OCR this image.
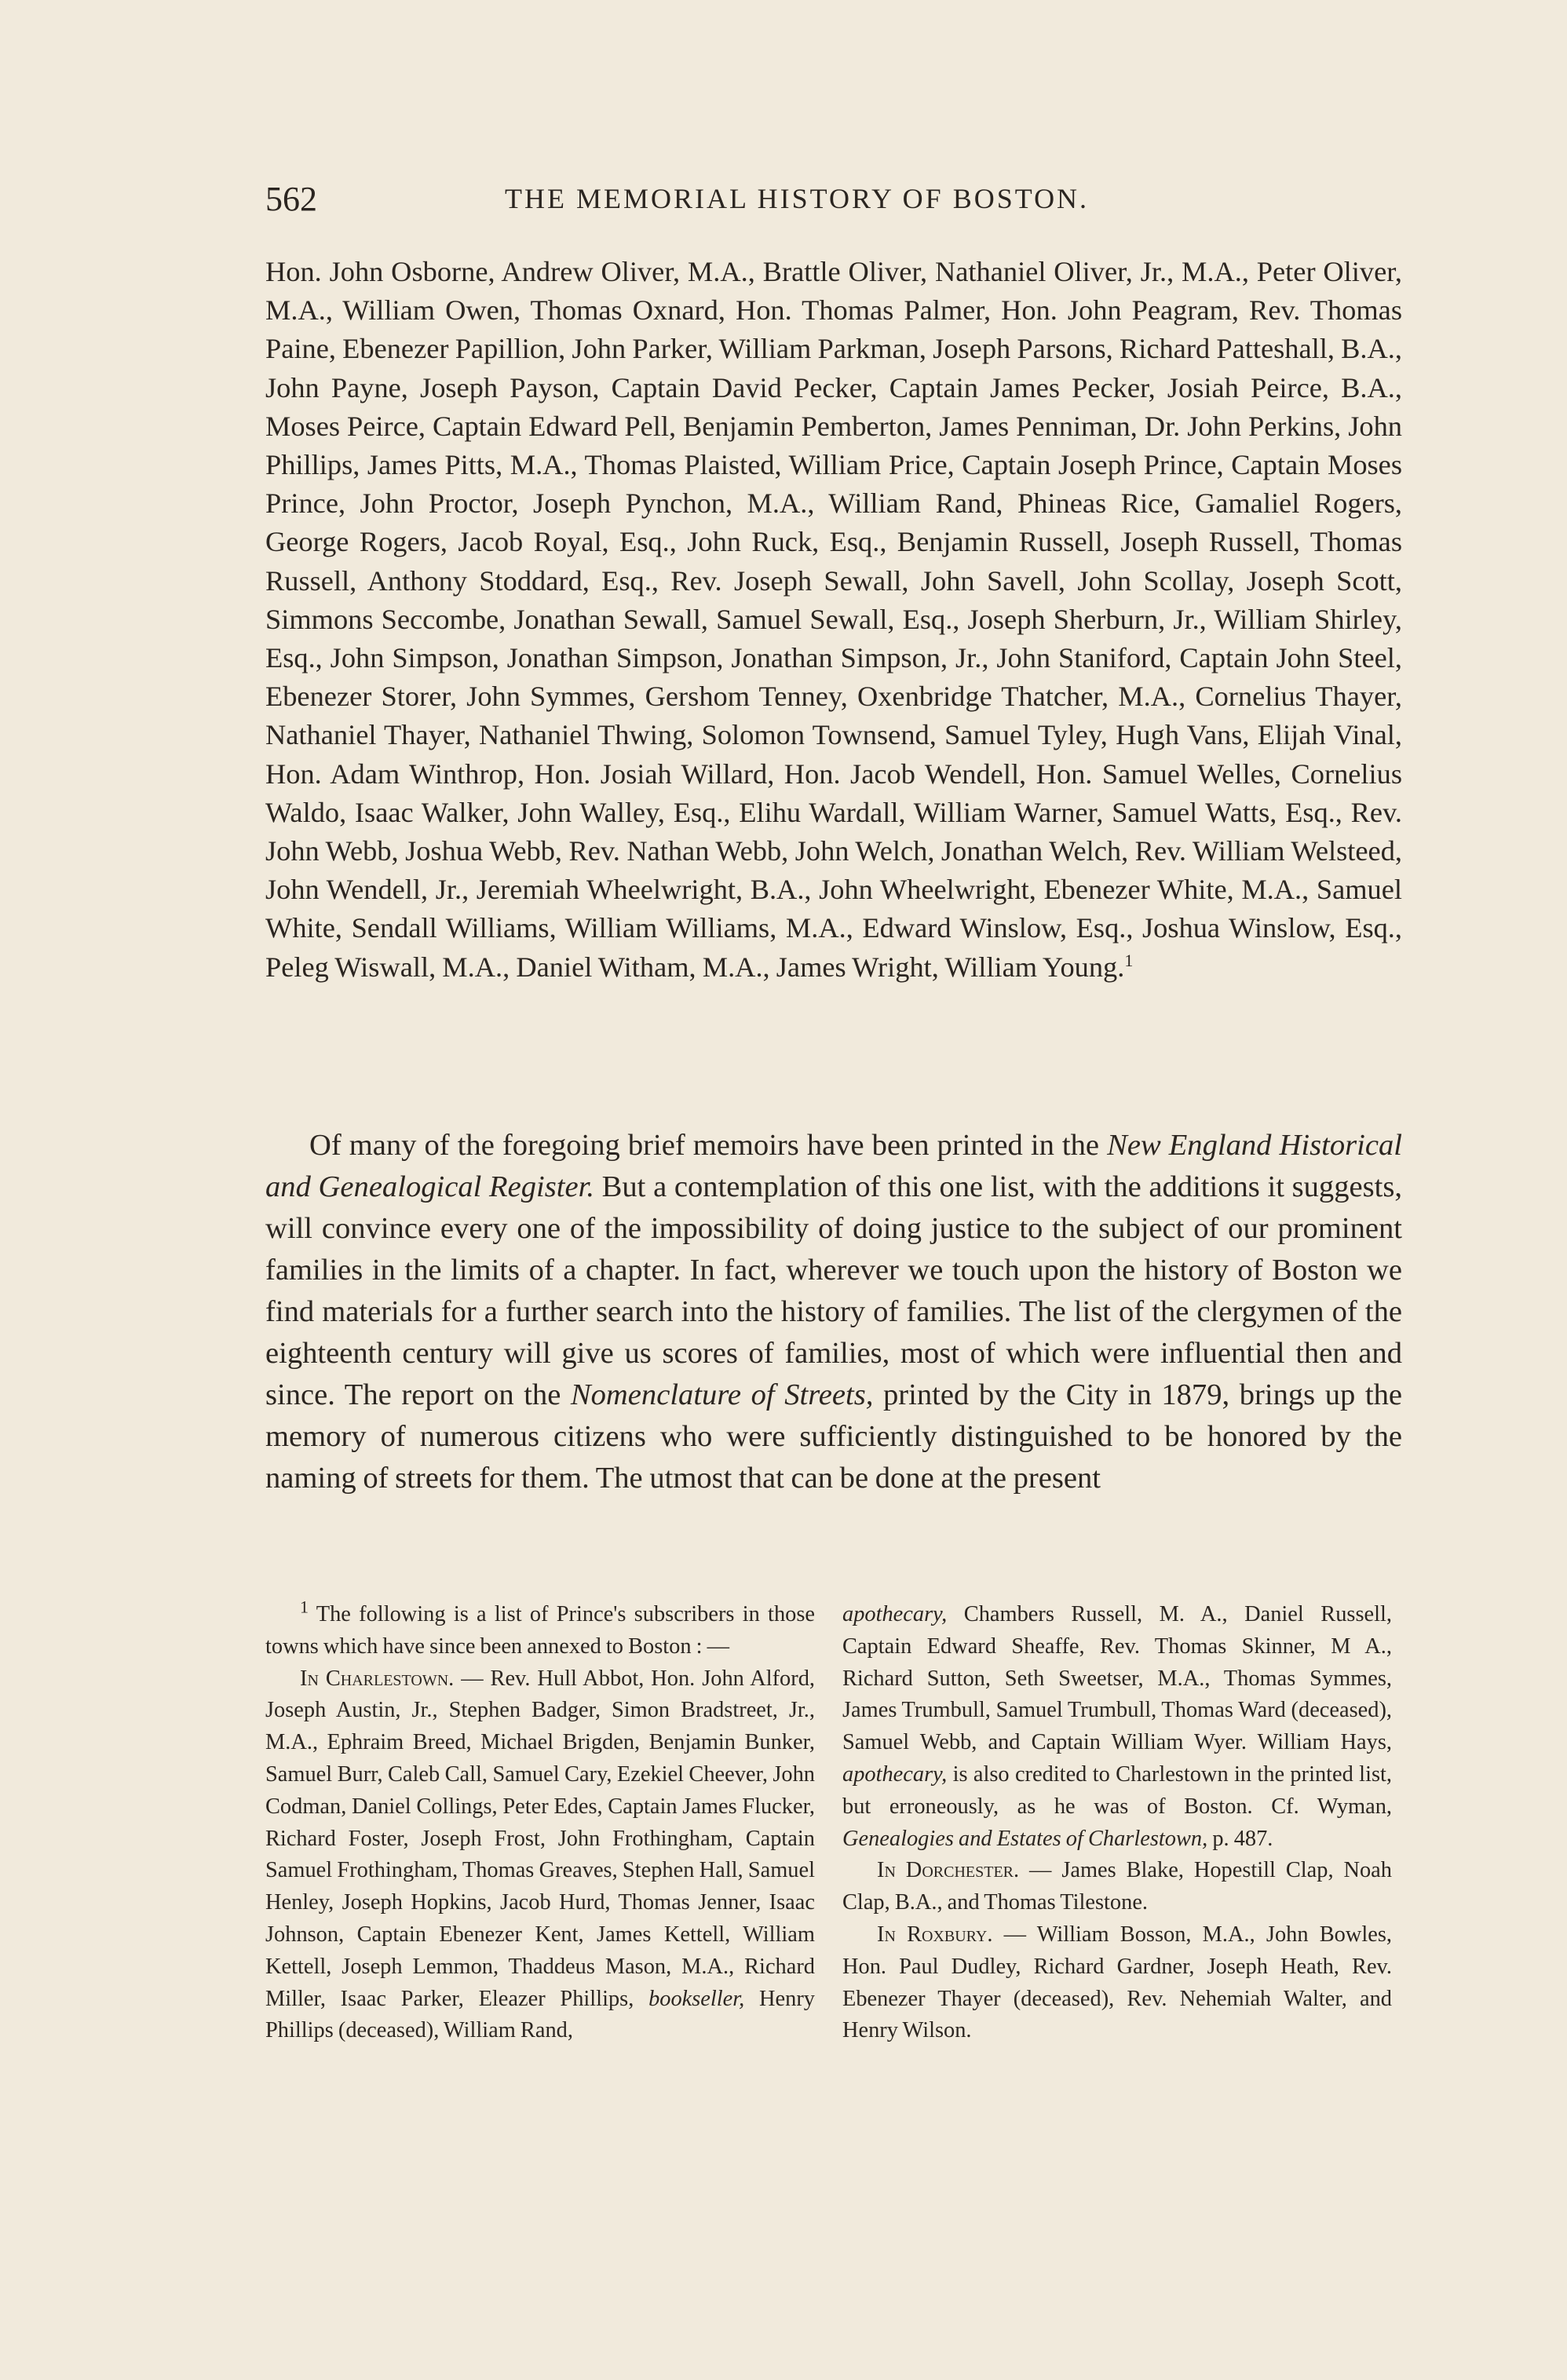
562	THE MEMORIAL HISTORY OF BOSTON.
Hon. John Osborne, Andrew Oliver, M.A., Brattle Oliver, Nathaniel Oliver, Jr., M.A., Peter Oliver, M.A., William Owen, Thomas Oxnard, Hon. Thomas Palmer, Hon. John Peagram, Rev. Thomas Paine, Ebenezer Papillion, John Parker, William Parkman, Joseph Parsons, Richard Patteshall, B.A., John Payne, Joseph Payson, Captain David Pecker, Captain James Pecker, Josiah Peirce, B.A., Moses Peirce, Captain Edward Pell, Benjamin Pemberton, James Penniman, Dr. John Perkins, John Phillips, James Pitts, M.A., Thomas Plaisted, William Price, Captain Joseph Prince, Captain Moses Prince, John Proctor, Joseph Pynchon, M.A., William Rand, Phineas Rice, Gamaliel Rogers, George Rogers, Jacob Royal, Esq., John Ruck, Esq., Benjamin Russell, Joseph Russell, Thomas Russell, Anthony Stoddard, Esq., Rev. Joseph Sewall, John Savell, John Scollay, Joseph Scott, Simmons Seccombe, Jonathan Sewall, Samuel Sewall, Esq., Joseph Sherburn, Jr., William Shirley, Esq., John Simpson, Jonathan Simpson, Jonathan Simpson, Jr., John Staniford, Captain John Steel, Ebenezer Storer, John Symmes, Gershom Tenney, Oxenbridge Thatcher, M.A., Cornelius Thayer, Nathaniel Thayer, Nathaniel Thwing, Solomon Townsend, Samuel Tyley, Hugh Vans, Elijah Vinal, Hon. Adam Winthrop, Hon. Josiah Willard, Hon. Jacob Wendell, Hon. Samuel Welles, Cornelius Waldo, Isaac Walker, John Walley, Esq., Elihu Wardall, William Warner, Samuel Watts, Esq., Rev. John Webb, Joshua Webb, Rev. Nathan Webb, John Welch, Jonathan Welch, Rev. William Welsteed, John Wendell, Jr., Jeremiah Wheelwright, B.A., John Wheelwright, Ebenezer White, M.A., Samuel White, Sendall Williams, William Williams, M.A., Edward Winslow, Esq., Joshua Winslow, Esq., Peleg Wiswall, M.A., Daniel Witham, M.A., James Wright, William Young.$^1$
Of many of the foregoing brief memoirs have been printed in the New England Historical and Genealogical Register. But a contemplation of this one list, with the additions it suggests, will convince every one of the impossibility of doing justice to the subject of our prominent families in the limits of a chapter. In fact, wherever we touch upon the history of Boston we find materials for a further search into the history of families. The list of the clergymen of the eighteenth century will give us scores of families, most of which were influential then and since. The report on the Nomenclature of Streets, printed by the City in 1879, brings up the memory of numerous citizens who were sufficiently distinguished to be honored by the naming of streets for them. The utmost that can be done at the present

$^1$ The following is a list of Prince's subscribers in those towns which have since been annexed to Boston : —

In Charlestown. — Rev. Hull Abbot, Hon. John Alford, Joseph Austin, Jr., Stephen Badger, Simon Bradstreet, Jr., M.A., Ephraim Breed, Michael Brigden, Benjamin Bunker, Samuel Burr, Caleb Call, Samuel Cary, Ezekiel Cheever, John Codman, Daniel Collings, Peter Edes, Captain James Flucker, Richard Foster, Joseph Frost, John Frothingham, Captain Samuel Frothingham, Thomas Greaves, Stephen Hall, Samuel Henley, Joseph Hopkins, Jacob Hurd, Thomas Jenner, Isaac Johnson, Captain Ebenezer Kent, James Kettell, William Kettell, Joseph Lemmon, Thaddeus Mason, M.A., Richard Miller, Isaac Parker, Eleazer Phillips, bookseller, Henry Phillips (deceased), William Rand,

apothecary, Chambers Russell, M. A., Daniel Russell, Captain Edward Sheaffe, Rev. Thomas Skinner, M A., Richard Sutton, Seth Sweetser, M.A., Thomas Symmes, James Trumbull, Samuel Trumbull, Thomas Ward (deceased), Samuel Webb, and Captain William Wyer. William Hays, apothecary, is also credited to Charlestown in the printed list, but erroneously, as he was of Boston. Cf. Wyman, Genealogies and Estates of Charlestown, p. 487.

In Dorchester. — James Blake, Hopestill Clap, Noah Clap, B.A., and Thomas Tilestone.

In Roxbury. — William Bosson, M.A., John Bowles, Hon. Paul Dudley, Richard Gardner, Joseph Heath, Rev. Ebenezer Thayer (deceased), Rev. Nehemiah Walter, and Henry Wilson.
